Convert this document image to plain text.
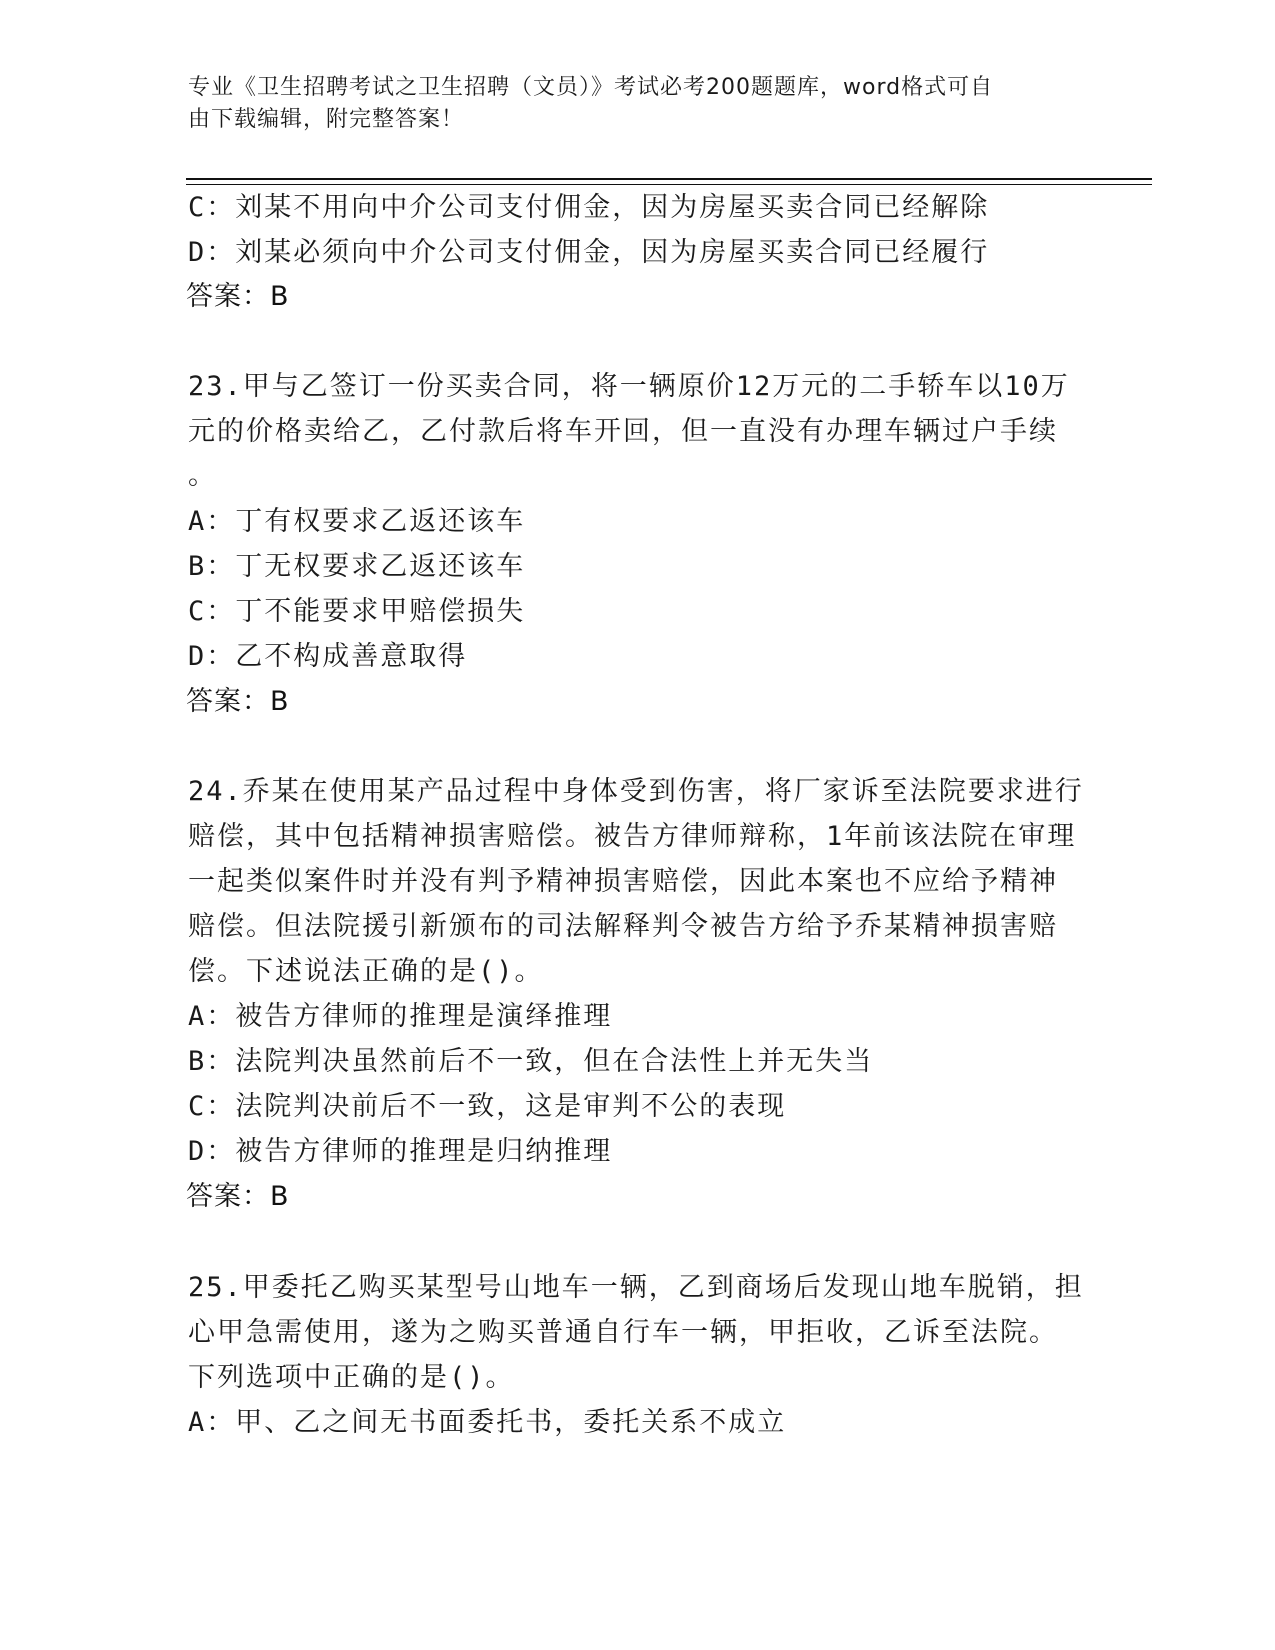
专业《卫生招聘考试之卫生招聘（文员）》考试必考200题题库，word格式可自
由下载编辑，附完整答案！
C：刘某不用向中介公司支付佣金，因为房屋买卖合同已经解除
D：刘某必须向中介公司支付佣金，因为房屋买卖合同已经履行
答案：B
23.甲与乙签订一份买卖合同，将一辆原价12万元的二手轿车以10万
元的价格卖给乙，乙付款后将车开回，但一直没有办理车辆过户手续
。
A：丁有权要求乙返还该车
B：丁无权要求乙返还该车
C：丁不能要求甲赔偿损失
D：乙不构成善意取得
答案：B
24.乔某在使用某产品过程中身体受到伤害，将厂家诉至法院要求进行
赔偿，其中包括精神损害赔偿。被告方律师辩称，1年前该法院在审理
一起类似案件时并没有判予精神损害赔偿，因此本案也不应给予精神
赔偿。但法院援引新颁布的司法解释判令被告方给予乔某精神损害赔
偿。下述说法正确的是()。
A：被告方律师的推理是演绎推理
B：法院判决虽然前后不一致，但在合法性上并无失当
C：法院判决前后不一致，这是审判不公的表现
D：被告方律师的推理是归纳推理
答案：B
25.甲委托乙购买某型号山地车一辆，乙到商场后发现山地车脱销，担
心甲急需使用，遂为之购买普通自行车一辆，甲拒收，乙诉至法院。
下列选项中正确的是()。
A：甲、乙之间无书面委托书，委托关系不成立
